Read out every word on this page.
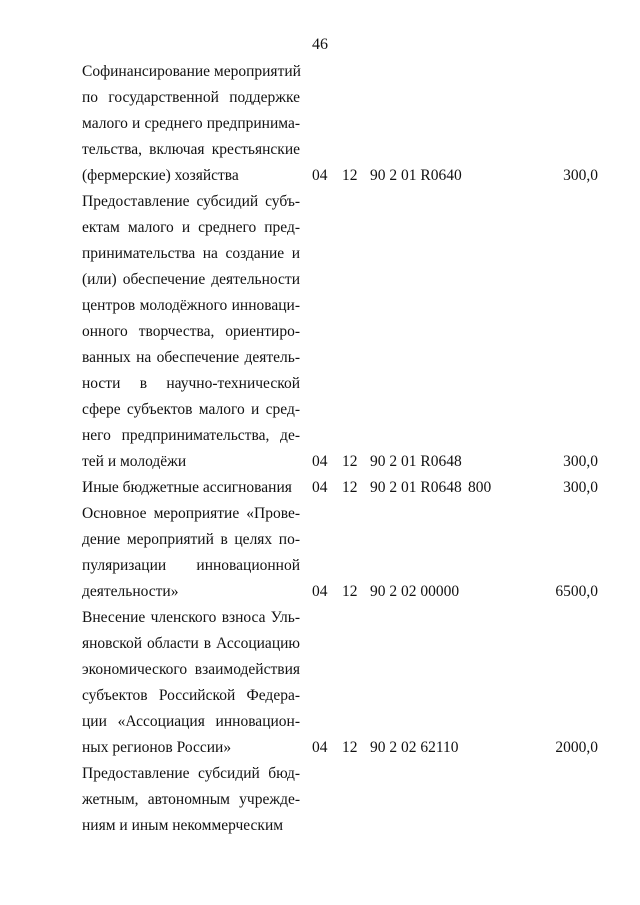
46
Софинансирование мероприятий
по государственной поддержке
малого и среднего предпринима-
тельства, включая крестьянские
(фермерские) хозяйства	04 12 90 2 01 R0640	300,0
Предоставление субсидий субъ-
ектам малого и среднего пред-
принимательства на создание и
(или) обеспечение деятельности
центров молодёжного инноваци-
онного творчества, ориентиро-
ванных на обеспечение деятель-
ности в научно-технической
сфере субъектов малого и сред-
него предпринимательства, де-
тей и молодёжи	04 12 90 2 01 R0648	300,0
Иные бюджетные ассигнования	04 12 90 2 01 R0648 800	300,0
Основное мероприятие «Прове-
дение мероприятий в целях по-
пуляризации инновационной
деятельности»	04 12 90 2 02 00000	6500,0
Внесение членского взноса Уль-
яновской области в Ассоциацию
экономического взаимодействия
субъектов Российской Федера-
ции «Ассоциация инновацион-
ных регионов России»	04 12 90 2 02 62110	2000,0
Предоставление субсидий бюд-
жетным, автономным учрежде-
ниям и иным некоммерческим
